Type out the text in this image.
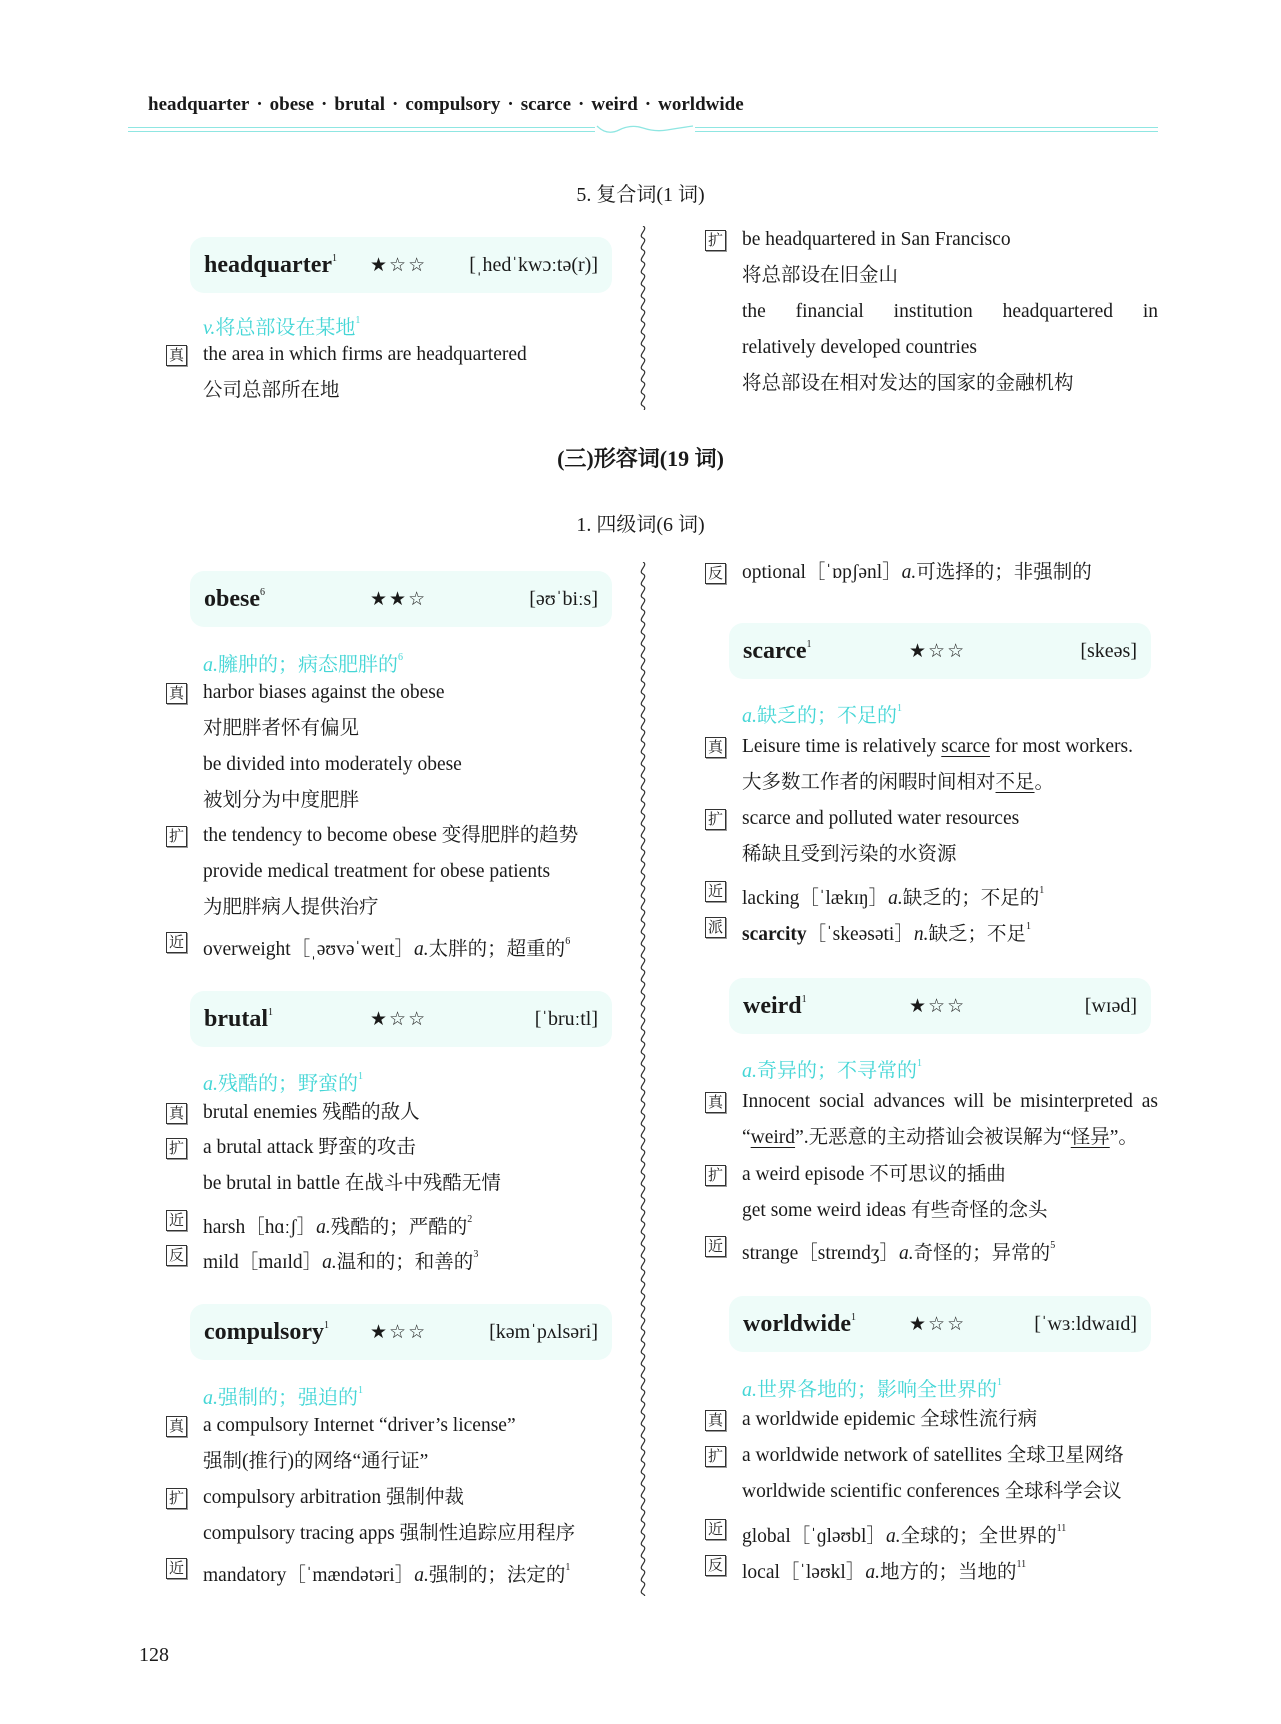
headquarter · obese · brutal · compulsory · scarce · weird · worldwide
5. 复合词(1 词)
(三)形容词(19 词)
1. 四级词(6 词)
headquarter$^1$	★☆☆ [ˌhedˈkwɔːtə(r)]
v.将总部设在某地$^1$
真 the area in which firms are headquartered
公司总部所在地
扩 be headquartered in San Francisco
将总部设在旧金山
the financial institution headquartered in
relatively developed countries
将总部设在相对发达的国家的金融机构
obese$^6$	★★☆	[əʊˈbiːs]
a.臃肿的；病态肥胖的$^6$
真 harbor biases against the obese
对肥胖者怀有偏见
be divided into moderately obese
被划分为中度肥胖
扩 the tendency to become obese 变得肥胖的趋势
provide medical treatment for obese patients
为肥胖病人提供治疗
近 overweight［ˌəʊvəˈweɪt］a.太胖的；超重的$^6$
brutal$^1$	★☆☆	[ˈbruːtl]
a.残酷的；野蛮的$^1$
真 brutal enemies 残酷的敌人
扩 a brutal attack 野蛮的攻击
be brutal in battle 在战斗中残酷无情
近 harsh［hɑːʃ］a.残酷的；严酷的$^2$
反 mild［maɪld］a.温和的；和善的$^3$
compulsory$^1$	★☆☆	[kəmˈpʌlsəri]
a.强制的；强迫的$^1$
真 a compulsory Internet “driver’s license”
强制(推行)的网络“通行证”
扩 compulsory arbitration 强制仲裁
compulsory tracing apps 强制性追踪应用程序
近 mandatory［ˈmændətəri］a.强制的；法定的$^1$
反 optional［ˈɒpʃənl］a.可选择的；非强制的
scarce$^1$	★☆☆	[skeəs]
a.缺乏的；不足的$^1$
真 Leisure time is relatively scarce for most workers.
大多数工作者的闲暇时间相对不足。
扩 scarce and polluted water resources
稀缺且受到污染的水资源
近 lacking［ˈlækɪŋ］a.缺乏的；不足的$^1$
派 scarcity［ˈskeəsəti］n.缺乏；不足$^1$
weird$^1$	★☆☆	[wɪəd]
a.奇异的；不寻常的$^1$
真 Innocent social advances will be misinterpreted as
“weird”.无恶意的主动搭讪会被误解为“怪异”。
扩 a weird episode 不可思议的插曲
get some weird ideas 有些奇怪的念头
近 strange［streɪndʒ］a.奇怪的；异常的$^5$
worldwide$^1$	★☆☆	[ˈwɜːldwaɪd]
a.世界各地的；影响全世界的$^1$
真 a worldwide epidemic 全球性流行病
扩 a worldwide network of satellites 全球卫星网络
worldwide scientific conferences 全球科学会议
近 global［ˈɡləʊbl］a.全球的；全世界的$^{11}$
反 local［ˈləʊkl］a.地方的；当地的$^{11}$
128
